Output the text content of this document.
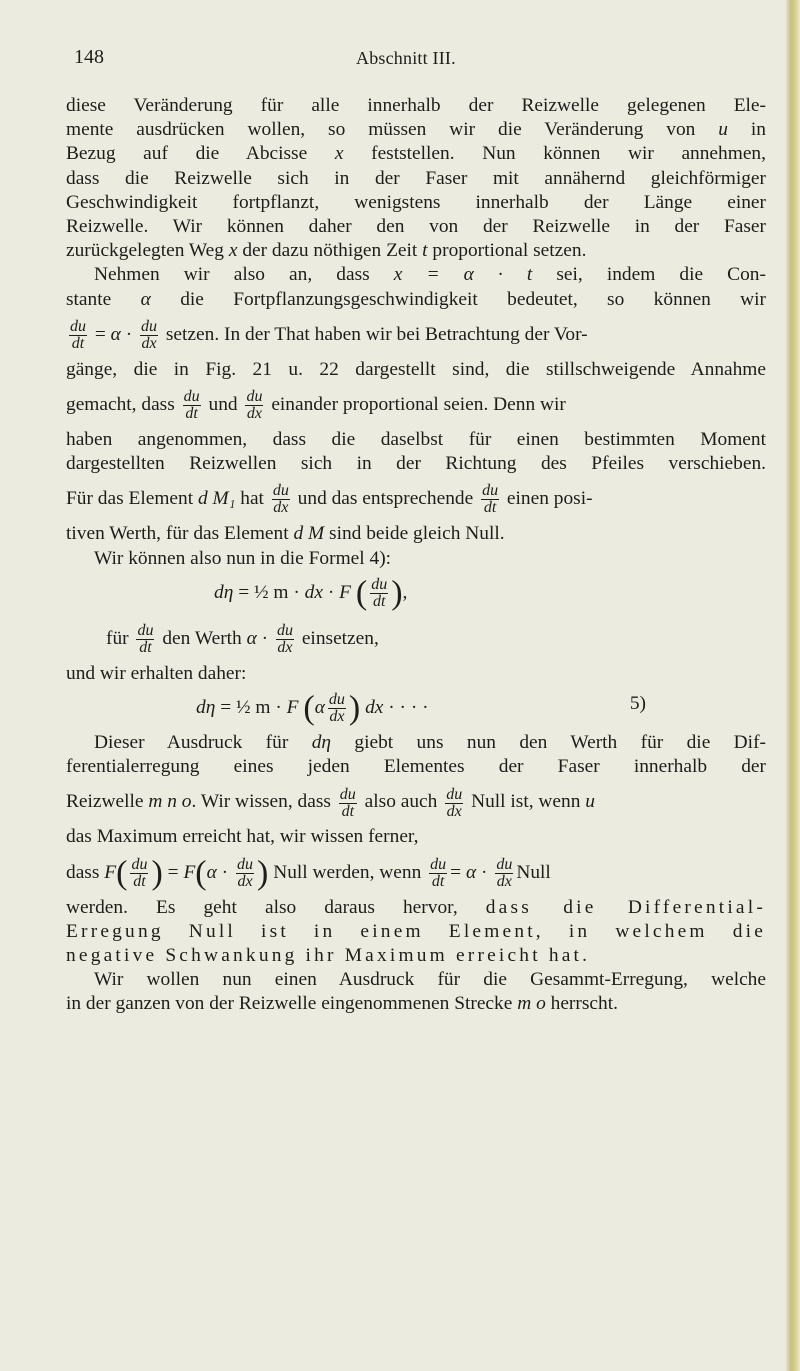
148	Abschnitt III.
diese Veränderung für alle innerhalb der Reizwelle gelegenen Ele-
mente ausdrücken wollen, so müssen wir die Veränderung von u in
Bezug auf die Abcisse x feststellen. Nun können wir annehmen,
dass die Reizwelle sich in der Faser mit annähernd gleichförmiger
Geschwindigkeit fortpflanzt, wenigstens innerhalb der Länge einer
Reizwelle. Wir können daher den von der Reizwelle in der Faser
zurückgelegten Weg x der dazu nöthigen Zeit t proportional setzen.
Nehmen wir also an, dass x = α · t sei, indem die Con-
stante α die Fortpflanzungsgeschwindigkeit bedeutet, so können wir
$\frac{du}{dt} = \alpha \cdot \frac{du}{dx}$ setzen. In der That haben wir bei Betrachtung der Vor-
gänge, die in Fig. 21 u. 22 dargestellt sind, die stillschweigende Annahme
gemacht, dass $\frac{du}{dt}$ und $\frac{du}{dx}$ einander proportional seien. Denn wir
haben angenommen, dass die daselbst für einen bestimmten Moment
dargestellten Reizwellen sich in der Richtung des Pfeiles verschieben.
Für das Element d M₁ hat $\frac{du}{dx}$ und das entsprechende $\frac{du}{dt}$ einen posi-
tiven Werth, für das Element d M sind beide gleich Null.
Wir können also nun in die Formel 4):
dη = ½ m · dx · F ( $\frac{du}{dt}$ ),
für $\frac{du}{dt}$ den Werth $\alpha \cdot \frac{du}{dx}$ einsetzen,
und wir erhalten daher:
dη = ½ m · F ($\alpha \frac{du}{dx}$ ) dx · · · ·	5)
Dieser Ausdruck für dη giebt uns nun den Werth für die Dif-
ferentialerregung eines jeden Elementes der Faser innerhalb der
Reizwelle m n o. Wir wissen, dass $\frac{du}{dt}$ also auch $\frac{du}{dx}$ Null ist, wenn u
das Maximum erreicht hat, wir wissen ferner,
dass $F( \frac{du}{dt}$ ) = $F(\alpha \cdot \frac{du}{dx}$ ) Null werden, wenn $\frac{du}{dt} = \alpha \cdot \frac{du}{dx}$ Null
werden. Es geht also daraus hervor, dass die Differential-
Erregung Null ist in einem Element, in welchem die
negative Schwankung ihr Maximum erreicht hat.
Wir wollen nun einen Ausdruck für die Gesammt-Erregung, welche
in der ganzen von der Reizwelle eingenommenen Strecke m o herrscht.
